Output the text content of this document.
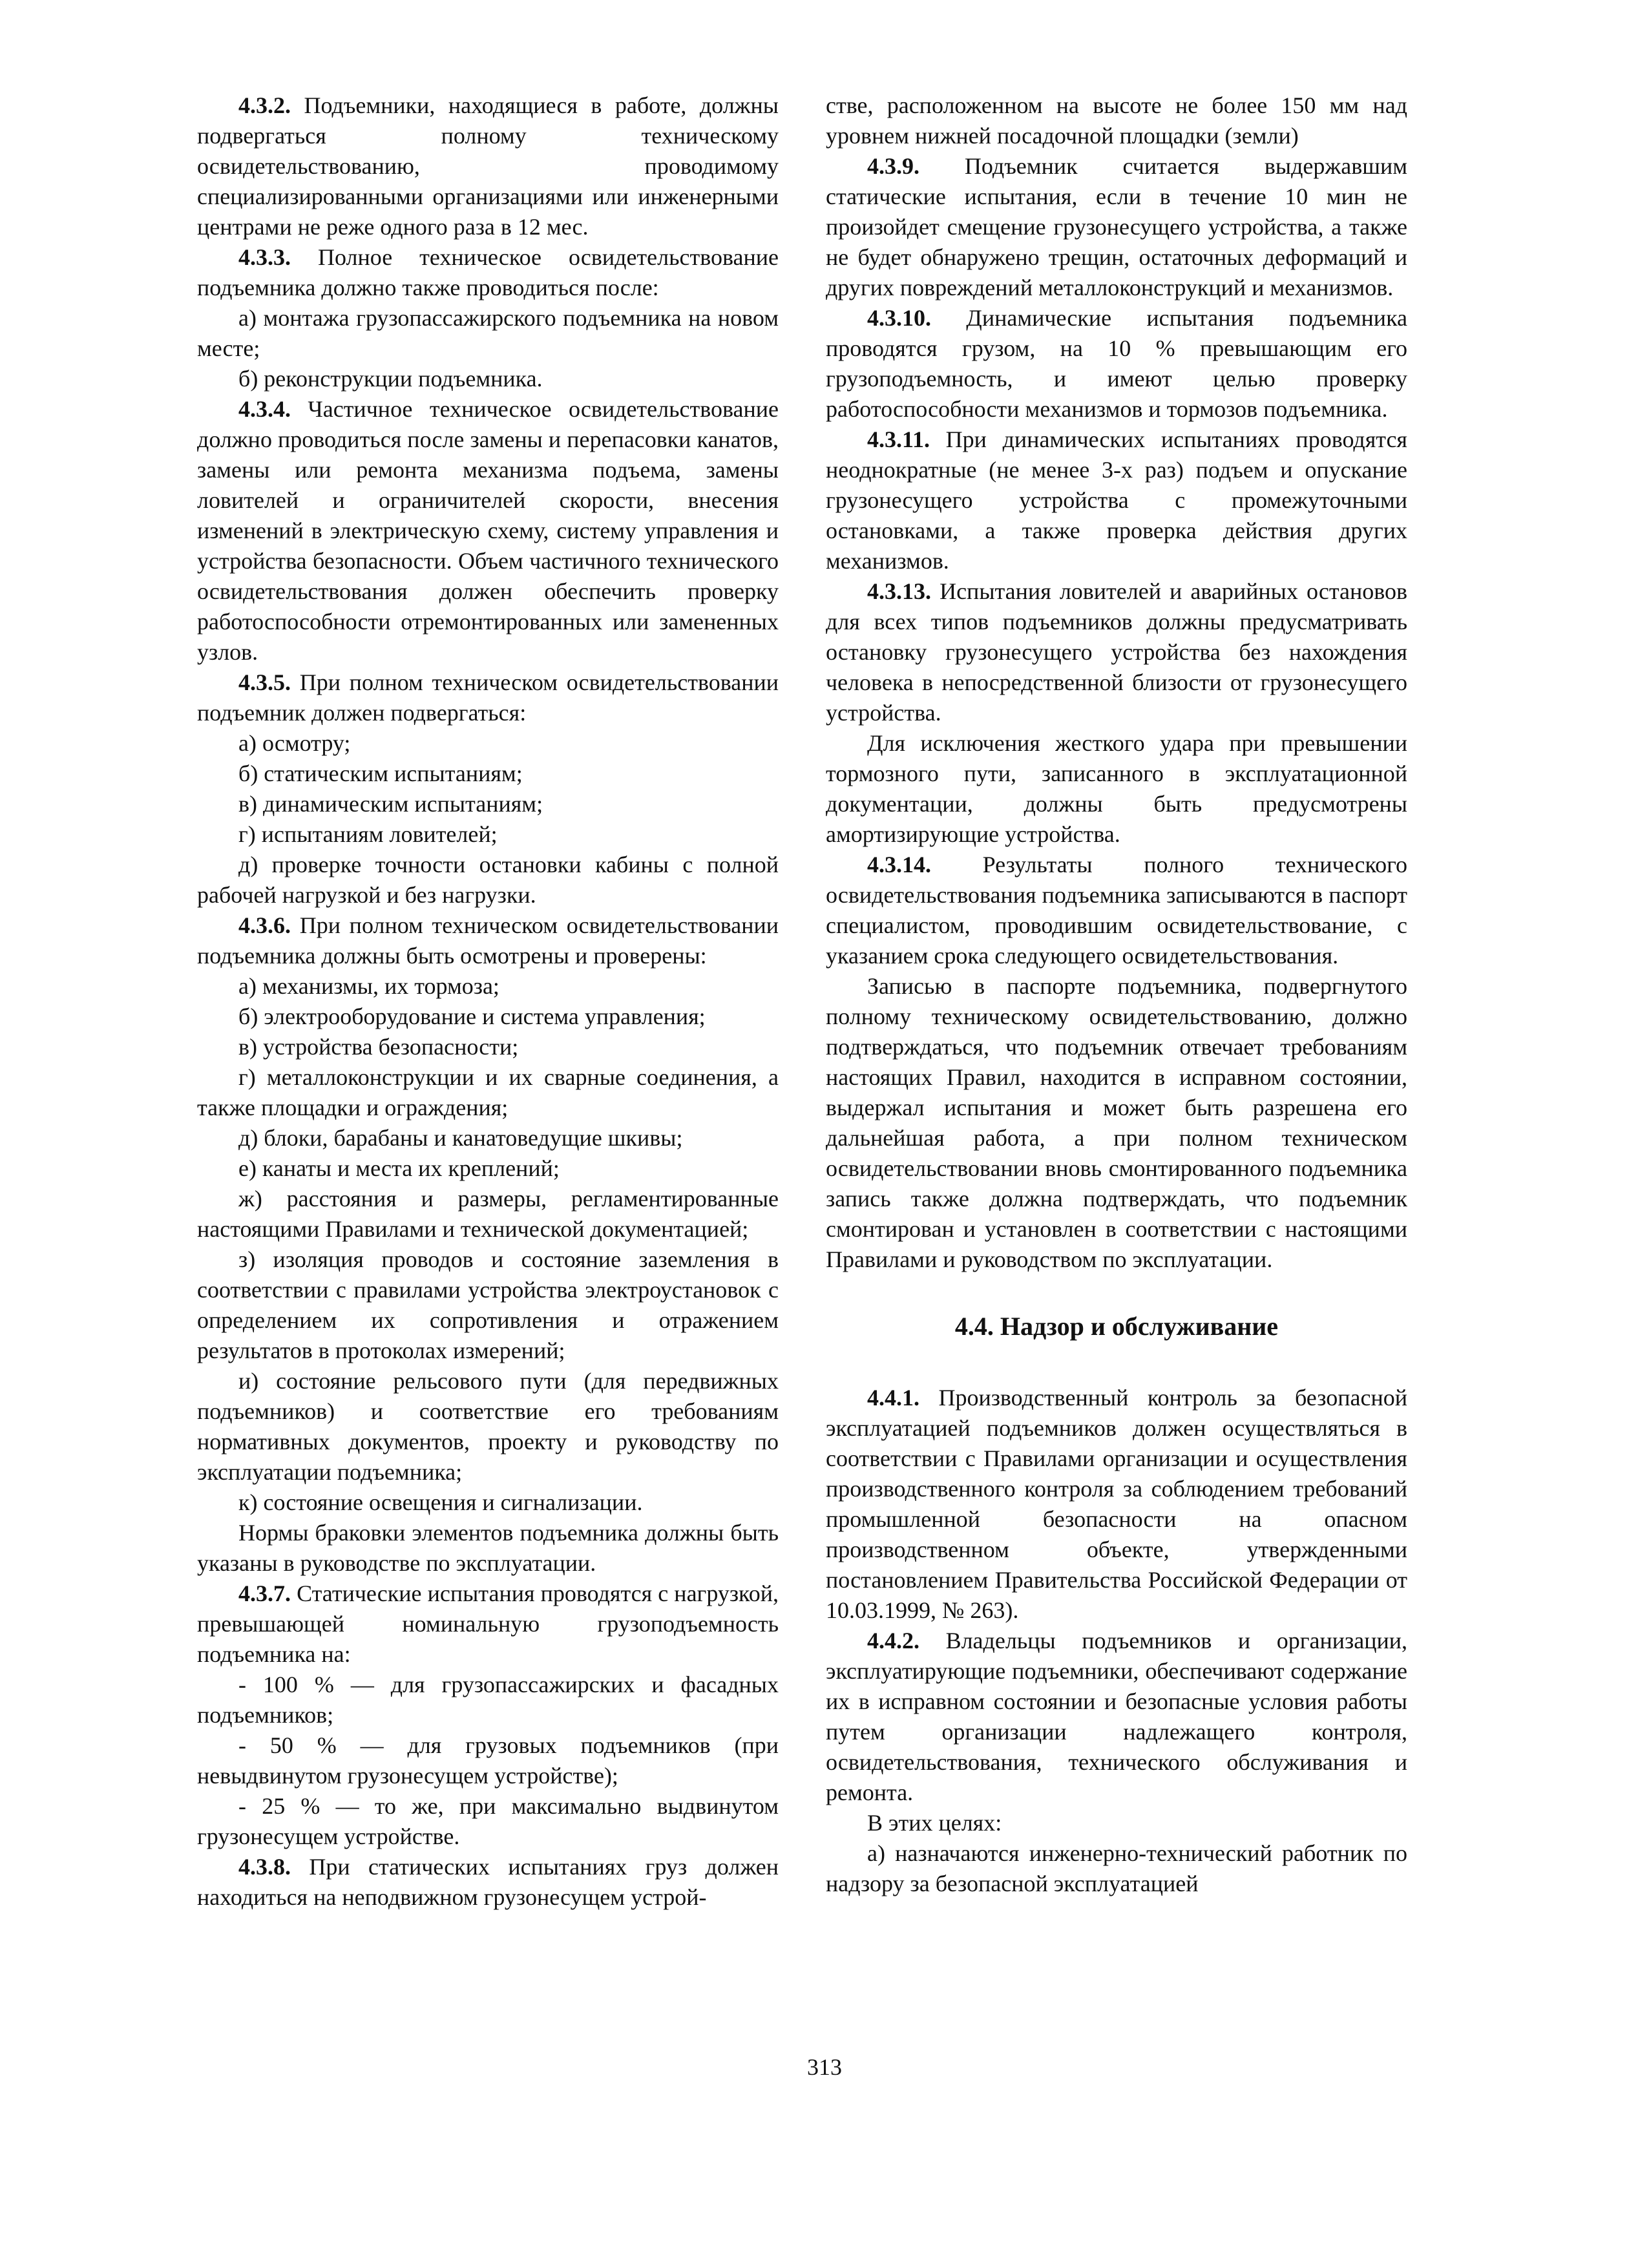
4.3.2. Подъемники, находящиеся в работе, должны подвергаться полному техническому освидетельствованию, проводимому специализированными организациями или инженерными центрами не реже одного раза в 12 мес.

4.3.3. Полное техническое освидетельствование подъемника должно также проводиться после:

а) монтажа грузопассажирского подъемника на новом месте;

б) реконструкции подъемника.

4.3.4. Частичное техническое освидетельствование должно проводиться после замены и перепасовки канатов, замены или ремонта механизма подъема, замены ловителей и ограничителей скорости, внесения изменений в электрическую схему, систему управления и устройства безопасности. Объем частичного технического освидетельствования должен обеспечить проверку работоспособности отремонтированных или замененных узлов.

4.3.5. При полном техническом освидетельствовании подъемник должен подвергаться:

а) осмотру;

б) статическим испытаниям;

в) динамическим испытаниям;

г) испытаниям ловителей;

д) проверке точности остановки кабины с полной рабочей нагрузкой и без нагрузки.

4.3.6. При полном техническом освидетельствовании подъемника должны быть осмотрены и проверены:

а) механизмы, их тормоза;

б) электрооборудование и система управления;

в) устройства безопасности;

г) металлоконструкции и их сварные соединения, а также площадки и ограждения;

д) блоки, барабаны и канатоведущие шкивы;

е) канаты и места их креплений;

ж) расстояния и размеры, регламентированные настоящими Правилами и технической документацией;

з) изоляция проводов и состояние заземления в соответствии с правилами устройства электроустановок с определением их сопротивления и отражением результатов в протоколах измерений;

и) состояние рельсового пути (для передвижных подъемников) и соответствие его требованиям нормативных документов, проекту и руководству по эксплуатации подъемника;

к) состояние освещения и сигнализации.

Нормы браковки элементов подъемника должны быть указаны в руководстве по эксплуатации.

4.3.7. Статические испытания проводятся с нагрузкой, превышающей номинальную грузоподъемность подъемника на:

- 100 % — для грузопассажирских и фасадных подъемников;

- 50 % — для грузовых подъемников (при невыдвинутом грузонесущем устройстве);

- 25 % — то же, при максимально выдвинутом грузонесущем устройстве.

4.3.8. При статических испытаниях груз должен находиться на неподвижном грузонесущем устрой-

стве, расположенном на высоте не более 150 мм над уровнем нижней посадочной площадки (земли)

4.3.9. Подъемник считается выдержавшим статические испытания, если в течение 10 мин не произойдет смещение грузонесущего устройства, а также не будет обнаружено трещин, остаточных деформаций и других повреждений металлоконструкций и механизмов.

4.3.10. Динамические испытания подъемника проводятся грузом, на 10 % превышающим его грузоподъемность, и имеют целью проверку работоспособности механизмов и тормозов подъемника.

4.3.11. При динамических испытаниях проводятся неоднократные (не менее 3-х раз) подъем и опускание грузонесущего устройства с промежуточными остановками, а также проверка действия других механизмов.

4.3.13. Испытания ловителей и аварийных остановов для всех типов подъемников должны предусматривать остановку грузонесущего устройства без нахождения человека в непосредственной близости от грузонесущего устройства.

Для исключения жесткого удара при превышении тормозного пути, записанного в эксплуатационной документации, должны быть предусмотрены амортизирующие устройства.

4.3.14. Результаты полного технического освидетельствования подъемника записываются в паспорт специалистом, проводившим освидетельствование, с указанием срока следующего освидетельствования.

Записью в паспорте подъемника, подвергнутого полному техническому освидетельствованию, должно подтверждаться, что подъемник отвечает требованиям настоящих Правил, находится в исправном состоянии, выдержал испытания и может быть разрешена его дальнейшая работа, а при полном техническом освидетельствовании вновь смонтированного подъемника запись также должна подтверждать, что подъемник смонтирован и установлен в соответствии с настоящими Правилами и руководством по эксплуатации.

4.4. Надзор и обслуживание

4.4.1. Производственный контроль за безопасной эксплуатацией подъемников должен осуществляться в соответствии с Правилами организации и осуществления производственного контроля за соблюдением требований промышленной безопасности на опасном производственном объекте, утвержденными постановлением Правительства Российской Федерации от 10.03.1999, № 263).

4.4.2. Владельцы подъемников и организации, эксплуатирующие подъемники, обеспечивают содержание их в исправном состоянии и безопасные условия работы путем организации надлежащего контроля, освидетельствования, технического обслуживания и ремонта.

В этих целях:

а) назначаются инженерно-технический работник по надзору за безопасной эксплуатацией

313
